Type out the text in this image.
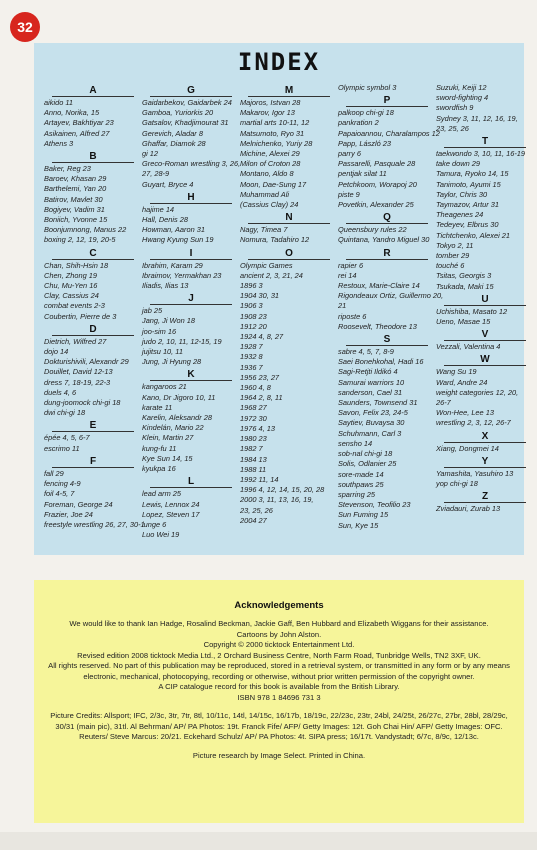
32
INDEX
A
aikido 11
Anno, Norika, 15
Artayev, Bakhtiyar 23
Asikainen, Alfred 27
Athens 3
B
Baker, Reg 23
Baroev, Khasan 29
Barthelemi, Yan 20
Batirov, Mavlet 30
Bogiyev, Vadim 31
Boniich, Yvonne 15
Boonjumnong, Manus 22
boxing 2, 12, 19, 20-5
C
Chan, Shih-Hsin 18
Chen, Zhong 19
Chu, Mu-Yen 16
Clay, Cassius 24
combat events 2-3
Coubertin, Pierre de 3
D
Dietrich, Wilfred 27
dojo 14
Dokturishivili, Alexandr 29
Douillet, David 12-13
dress 7, 18-19, 22-3
duels 4, 6
dung-joomock chi-gi 18
dwi chi-gi 18
E
épée 4, 5, 6-7
escrimo 11
F
fall 29
fencing 4-9
foil 4-5, 7
Foreman, George 24
Frazier, Joe 24
freestyle wrestling 26, 27, 30-1
G
Gaidarbekov, Gaidarbek 24
Gamboa, Yuriorkis 20
Gatsalov, Khadjimourat 31
Gerevich, Aladar 8
Ghaffar, Diamok 28
gi 12
Greco-Roman wrestling 3, 26,
27, 28-9
Guyart, Bryce 4
H
hajime 14
Hall, Denis 28
Howman, Aaron 31
Hwang Kyung Sun 19
I
Ibrahim, Karam 29
Ibraimov, Yermakhan 23
Iliadis, Ilias 13
J
jab 25
Jang, Ji Won 18
joo-sim 16
judo 2, 10, 11, 12-15, 19
jujitsu 10, 11
Jung, Ji Hyung 28
K
kangaroos 21
Kano, Dr Jigoro 10, 11
karate 11
Karelin, Aleksandr 28
Kindelán, Mario 22
Klein, Martin 27
kung-fu 11
Kye Sun 14, 15
kyukpa 16
L
lead arm 25
Lewis, Lennox 24
Lopez, Steven 17
lunge 6
Luo Wei 19
M
Majoros, Istvan 28
Makarov, Igor 13
martial arts 10-11, 12
Matsumoto, Ryo 31
Melnichenko, Yuriy 28
Michine, Alexei 29
Milon of Croton 28
Montano, Aldo 8
Moon, Dae-Sung 17
Muhammad Ali
(Cassius Clay) 24
N
Nagy, Timea 7
Nomura, Tadahiro 12
O
Olympic Games
ancient 2, 3, 21, 24
1896 3
1904 30, 31
1906 3
1908 23
1912 20
1924 4, 8, 27
1928 7
1932 8
1936 7
1956 23, 27
1960 4, 8
1964 2, 8, 11
1968 27
1972 30
1976 4, 13
1980 23
1982 7
1984 13
1988 11
1992 11, 14
1996 4, 12, 14, 15, 20, 28
2000 3, 11, 13, 16, 19,
23, 25, 26
2004 27
Olympic symbol 3
P
palkoop chi-gi 18
pankration 2
Papaioannou, Charalampos 12
Papp, László 23
parry 6
Passarelli, Pasquale 28
pentjak silat 11
Petchkoom, Worapoj 20
piste 9
Povetkin, Alexander 25
Q
Queensbury rules 22
Quintana, Yandro Miguel 30
R
rapier 6
rei 14
Restoux, Marie-Claire 14
Rigondeaux Ortiz, Guillermo 20,
21
riposte 6
Roosevelt, Theodore 13
S
sabre 4, 5, 7, 8-9
Saei Bonehkohal, Hadi 16
Sagi-Retjti Ildikó 4
Samurai warriors 10
sanderson, Cael 31
Saunders, Townsend 31
Savon, Felix 23, 24-5
Saytiev, Buvaysa 30
Schuhmann, Carl 3
sensho 14
sob-nal chi-gi 18
Solis, Odlanier 25
sore-made 14
southpaws 25
sparring 25
Stevenson, Teofilio 23
Sun Fuming 15
Sun, Kye 15
Suzuki, Keiji 12
sword-fighting 4
swordfish 9
Sydney 3, 11, 12, 16, 19,
23, 25, 26
T
taekwondo 3, 10, 11, 16-19
take down 29
Tamura, Ryoko 14, 15
Tanimoto, Ayumi 15
Taylor, Chris 30
Taymazov, Artur 31
Theagenes 24
Tedeyev, Elbrus 30
Tichtchenko, Alexei 21
Tokyo 2, 11
tomber 29
touché 6
Tsitas, Georgis 3
Tsukada, Maki 15
U
Uchishiba, Masato 12
Ueno, Masae 15
V
Vezzali, Valentina 4
W
Wang Su 19
Ward, Andre 24
weight categories 12, 20,
26-7
Won-Hee, Lee 13
wrestling 2, 3, 12, 26-7
X
Xiang, Dongmei 14
Y
Yamashita, Yasuhiro 13
yop chi-gi 18
Z
Zviadauri, Zurab 13
Acknowledgements
We would like to thank Ian Hadge, Rosalind Beckman, Jackie Gaff, Ben Hubbard and Elizabeth Wiggans for their assistance.
Cartoons by John Alston.
Copyright © 2000 ticktock Entertainment Ltd.
Revised edition 2008 ticktock Media Ltd., 2 Orchard Business Centre, North Farm Road, Tunbridge Wells, TN2 3XF, UK.
All rights reserved. No part of this publication may be reproduced, stored in a retrieval system, or transmitted in any form or by any means electronic, mechanical, photocopying, recording or otherwise, without prior written permission of the copyright owner.
A CIP catalogue record for this book is available from the British Library.
ISBN 978 1 84696 731 3
Picture Credits: Allsport; IFC, 2/3c, 3tr, 7tr, 8tl, 10/11c, 14tl, 14/15c, 16/17b, 18/19c, 22/23c, 23tr, 24bl, 24/25t, 26/27c, 27br, 28bl, 28/29c, 30/31 (main pic), 31tl. Al Behrman/ AP/ PA Photos: 19t. Franck Fife/ AFP/ Getty Images: 12t. Goh Chai Hin/ AFP/ Getty Images: OFC. Reuters/ Steve Marcus: 20/21. Eckehard Schulz/ AP/ PA Photos: 4t. SIPA press; 16/17t. Vandystadt; 6/7c, 8/9c, 12/13c.
Picture research by Image Select. Printed in China.
